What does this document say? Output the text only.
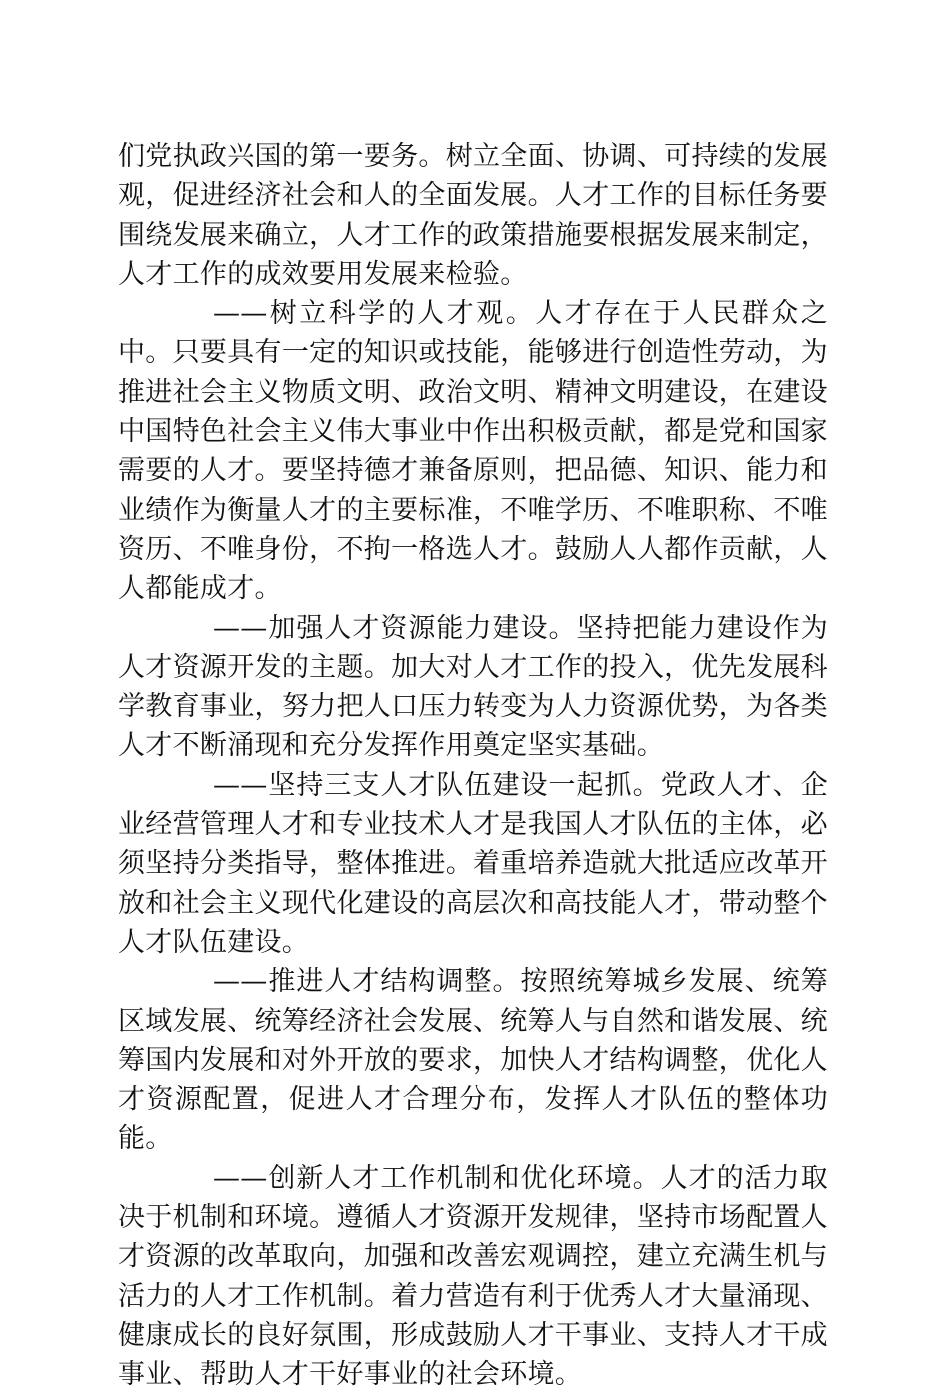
们党执政兴国的第一要务。树立全面、协调、可持续的发展观，促进经济社会和人的全面发展。人才工作的目标任务要围绕发展来确立，人才工作的政策措施要根据发展来制定，人才工作的成效要用发展来检验。

——树立科学的人才观。人才存在于人民群众之中。只要具有一定的知识或技能，能够进行创造性劳动，为推进社会主义物质文明、政治文明、精神文明建设，在建设中国特色社会主义伟大事业中作出积极贡献，都是党和国家需要的人才。要坚持德才兼备原则，把品德、知识、能力和业绩作为衡量人才的主要标准，不唯学历、不唯职称、不唯资历、不唯身份，不拘一格选人才。鼓励人人都作贡献，人人都能成才。

——加强人才资源能力建设。坚持把能力建设作为人才资源开发的主题。加大对人才工作的投入，优先发展科学教育事业，努力把人口压力转变为人力资源优势，为各类人才不断涌现和充分发挥作用奠定坚实基础。

——坚持三支人才队伍建设一起抓。党政人才、企业经营管理人才和专业技术人才是我国人才队伍的主体，必须坚持分类指导，整体推进。着重培养造就大批适应改革开放和社会主义现代化建设的高层次和高技能人才，带动整个人才队伍建设。

——推进人才结构调整。按照统筹城乡发展、统筹区域发展、统筹经济社会发展、统筹人与自然和谐发展、统筹国内发展和对外开放的要求，加快人才结构调整，优化人才资源配置，促进人才合理分布，发挥人才队伍的整体功能。

——创新人才工作机制和优化环境。人才的活力取决于机制和环境。遵循人才资源开发规律，坚持市场配置人才资源的改革取向，加强和改善宏观调控，建立充满生机与活力的人才工作机制。着力营造有利于优秀人才大量涌现、健康成长的良好氛围，形成鼓励人才干事业、支持人才干成事业、帮助人才干好事业的社会环境。
